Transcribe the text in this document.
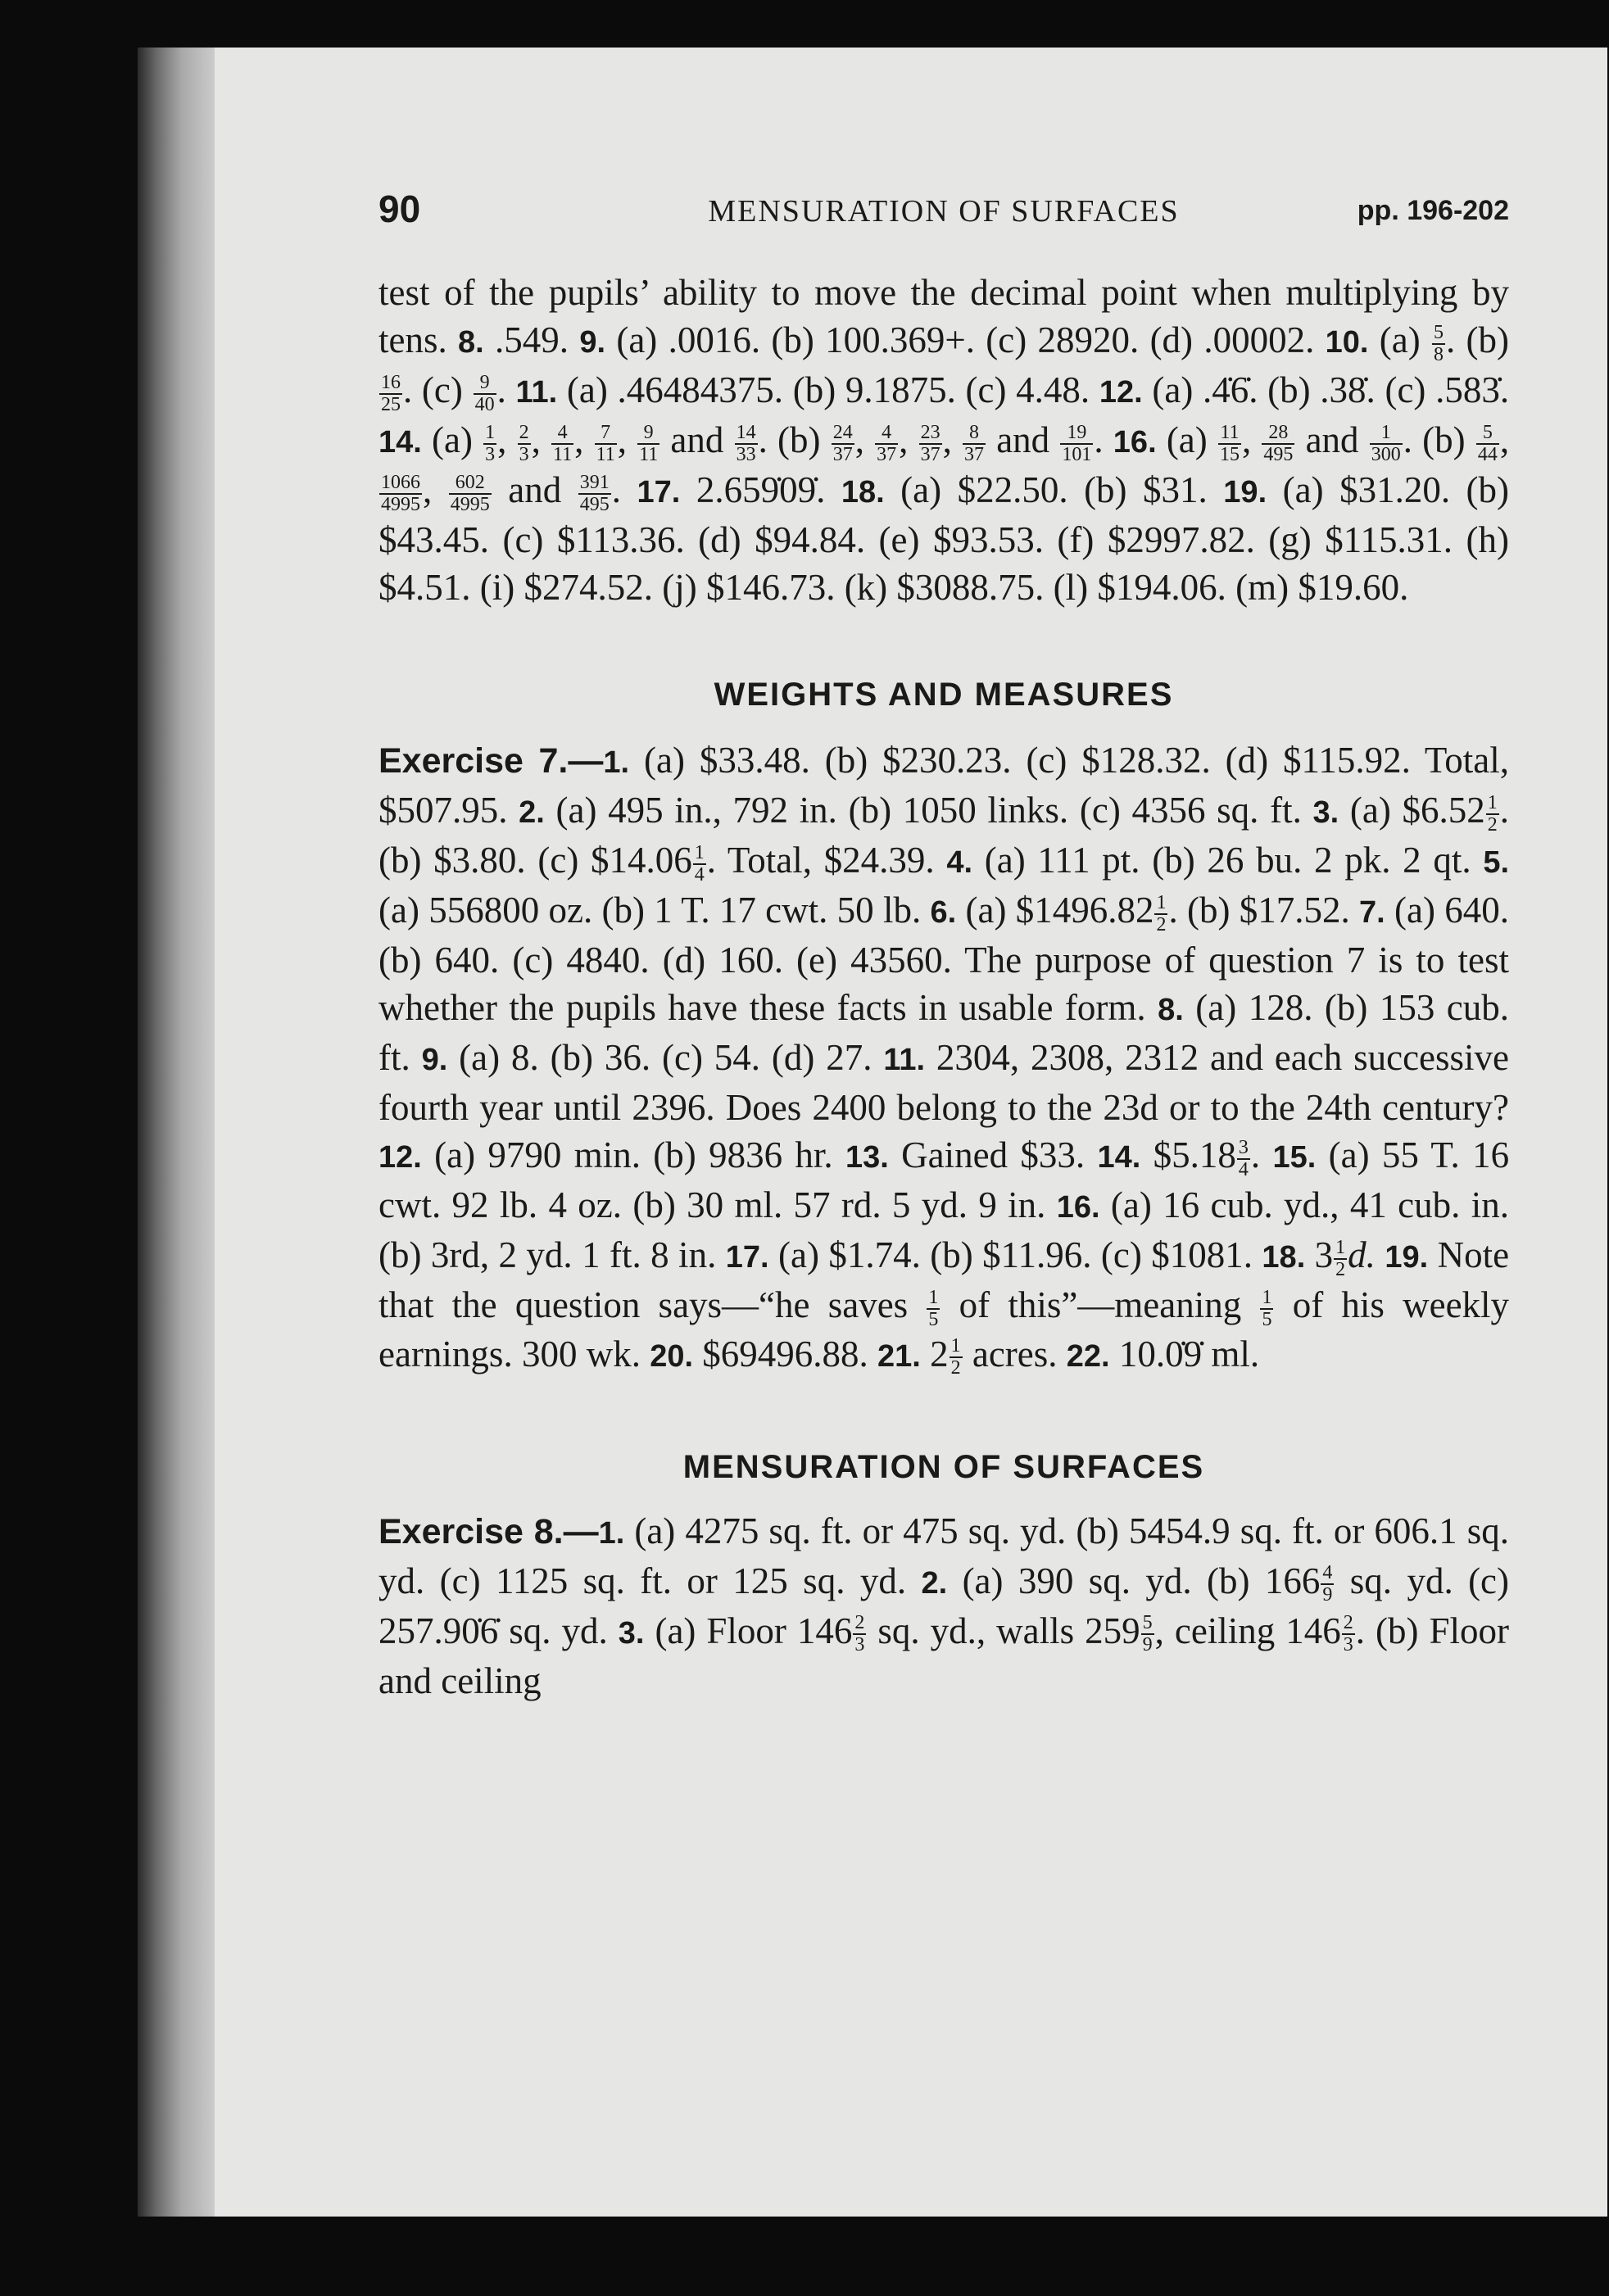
90	MENSURATION OF SURFACES	pp. 196-202

test of the pupils’ ability to move the decimal point when multiplying by tens. 8. .549. 9. (a) .0016. (b) 100.369+. (c) 28920. (d) .00002. 10. $(a) \frac{5}{8}$ . (b)
$\frac{16}{25}$ . $(c) \frac{9}{40}$ . 11. (a) .46484375. (b) 9.1875. (c) 4.48. 12. (a) .4̇6̇. (b) .38̇. (c) .583̇. 14. $(a) \frac{1}{3}$ , $\frac{2}{3}$ , $\frac{4}{11}$ , $\frac{7}{11}$ , $\frac{9}{11}$ and $\frac{14}{33}$ . $(b) \frac{24}{37}$ , $\frac{4}{37}$ , $\frac{23}{37}$ , $\frac{8}{37}$ and $\frac{19}{101}$ . 16. $(a) \frac{11}{15}$ , $\frac{28}{495}$ and $\frac{1}{300}$ . $(b) \frac{5}{44}$ ,
$\frac{1066}{4995}$ , $\frac{602}{4995}$ and $\frac{391}{495}$ . 17. 2.659̇09̇. 18. (a) $22.50. (b) $31. 19. (a) $31.20. (b) $43.45. (c) $113.36. (d) $94.84. (e) $93.53. (f) $2997.82. (g) $115.31. (h) $4.51. (i) $274.52. (j) $146.73. (k) $3088.75. (l) $194.06. (m) $19.60.

WEIGHTS AND MEASURES

Exercise 7.—1. (a) $33.48. (b) $230.23. (c) $128.32. (d) $115.92. Total, $507.95. 2. (a) 495 in., 792 in. (b) 1050 links. (c) 4356 sq. ft. 3. (a) $6.52 $\frac{1}{2}$ . (b) $3.80. (c) $14.06 $\frac{1}{4}$ . Total, $24.39. 4. (a) 111 pt. (b) 26 bu. 2 pk. 2 qt. 5. (a) 556800 oz. (b) 1 T. 17 cwt. 50 lb. 6. (a) $1496.82 $\frac{1}{2}$ . (b) $17.52. 7. (a) 640. (b) 640. (c) 4840. (d) 160. (e) 43560. The purpose of question 7 is to test whether the pupils have these facts in usable form. 8. (a) 128. (b) 153 cub. ft. 9. (a) 8. (b) 36. (c) 54. (d) 27. 11. 2304, 2308, 2312 and each successive fourth year until 2396. Does 2400 belong to the 23d or to the 24th century? 12. (a) 9790 min. (b) 9836 hr. 13. Gained $33. 14. $5.18 $\frac{3}{4}$ . 15. (a) 55 T. 16 cwt. 92 lb. 4 oz. (b) 30 ml. 57 rd. 5 yd. 9 in. 16. (a) 16 cub. yd., 41 cub. in. (b) 3rd, 2 yd. 1 ft. 8 in. 17. (a) $1.74. (b) $11.96. (c) $1081. 18. $3 \frac{1}{2} d$. 19. Note that the question says—“he saves $\frac{1}{5}$ of this”—meaning $\frac{1}{5}$ of his weekly earnings. 300 wk. 20. $69496.88. 21. $2 \frac{1}{2}$ acres. 22. 10.0̇9̇ ml.

MENSURATION OF SURFACES

Exercise 8.—1. (a) 4275 sq. ft. or 475 sq. yd. (b) 5454.9 sq. ft. or 606.1 sq. yd. (c) 1125 sq. ft. or 125 sq. yd. 2. (a) 390 sq. yd. (b) $166 \frac{4}{9}$ sq. yd. (c) 257.90̇6̇ sq. yd. 3. (a) Floor $146 \frac{2}{3}$ sq. yd., walls $259 \frac{5}{9}$ , ceiling $146 \frac{2}{3}$ . (b) Floor and ceiling
